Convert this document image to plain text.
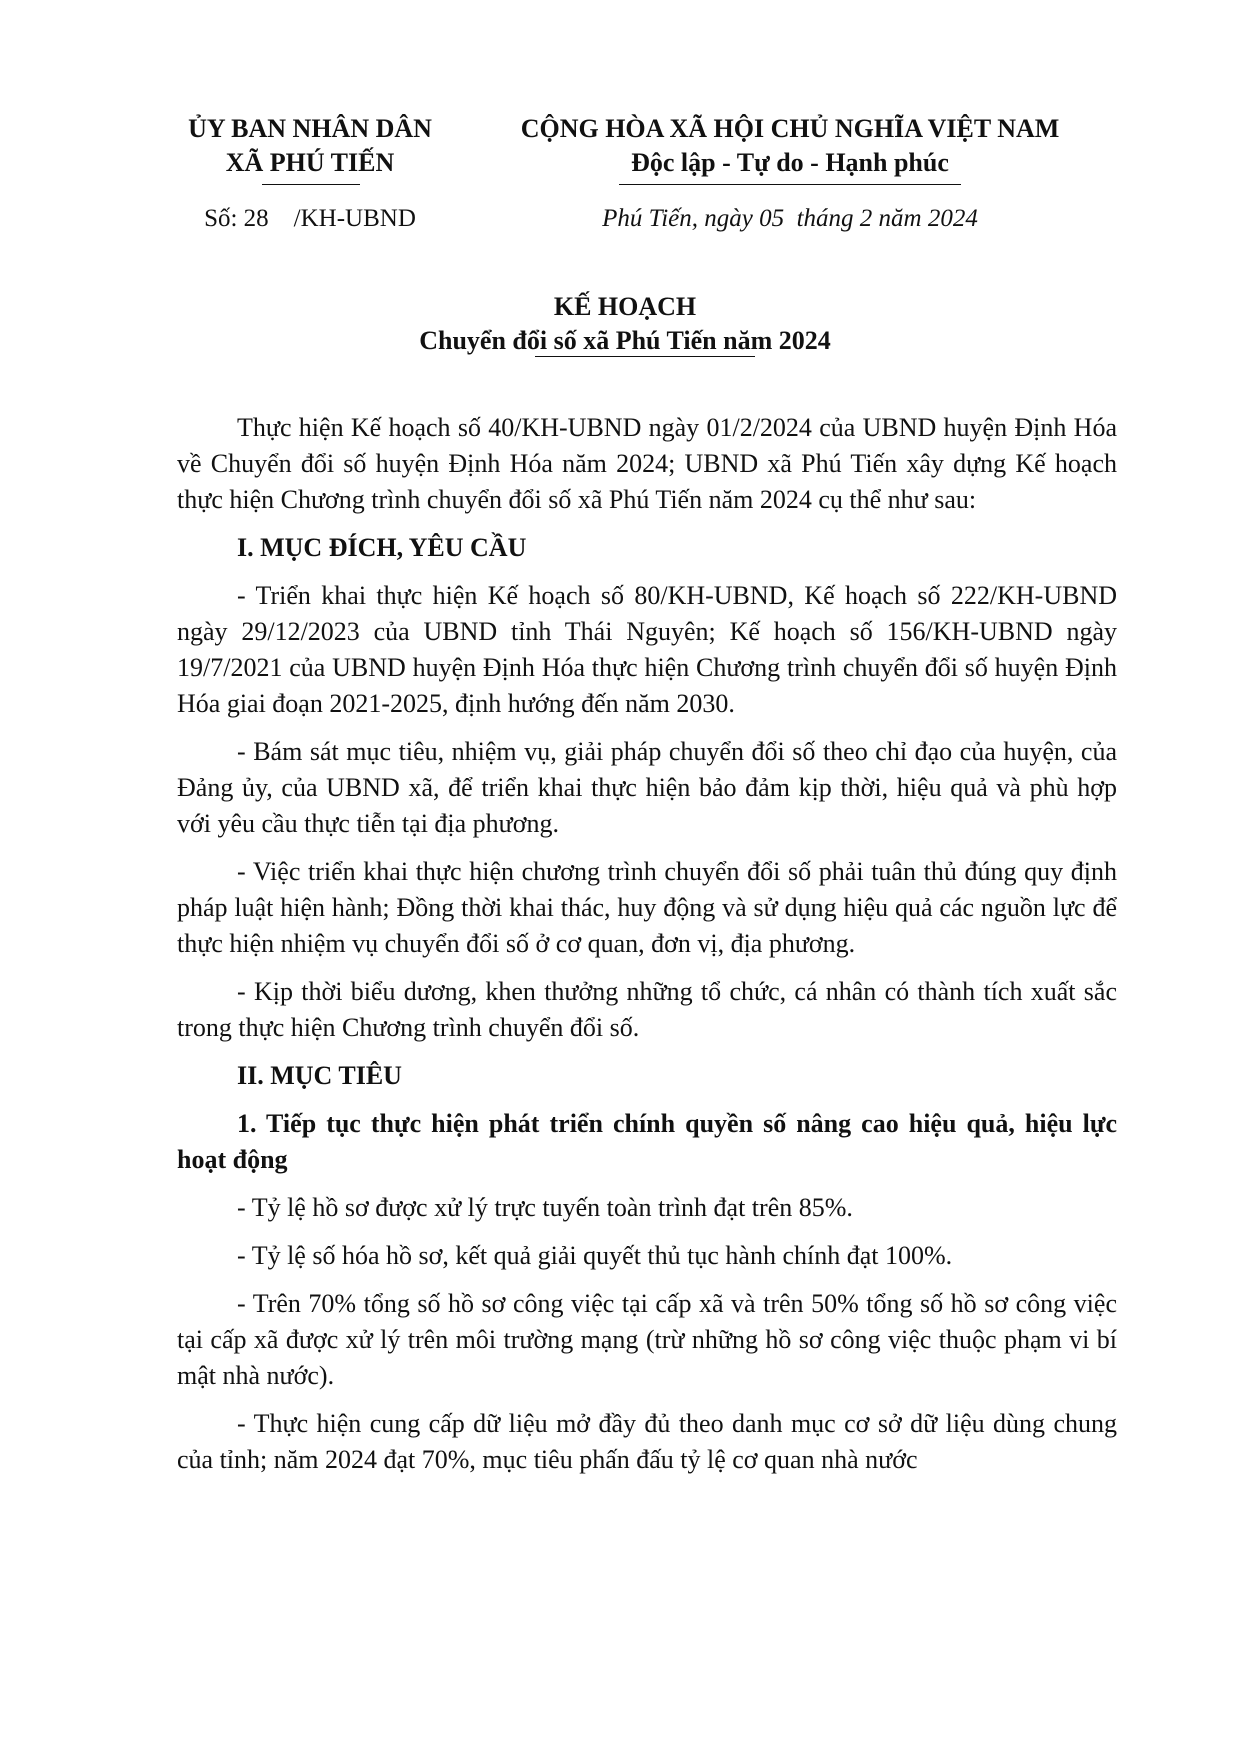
ỦY BAN NHÂN DÂN
XÃ PHÚ TIẾN
CỘNG HÒA XÃ HỘI CHỦ NGHĨA VIỆT NAM
Độc lập - Tự do - Hạnh phúc
Số: 28    /KH-UBND	Phú Tiến, ngày 05  tháng 2 năm 2024
KẾ HOẠCH
Chuyển đổi số xã Phú Tiến năm 2024

Thực hiện Kế hoạch số 40/KH-UBND ngày 01/2/2024 của UBND huyện Định Hóa về Chuyển đổi số huyện Định Hóa năm 2024; UBND xã Phú Tiến xây dựng Kế hoạch thực hiện Chương trình chuyển đổi số xã Phú Tiến năm 2024 cụ thể như sau:

I. MỤC ĐÍCH, YÊU CẦU

- Triển khai thực hiện Kế hoạch số 80/KH-UBND, Kế hoạch số 222/KH-UBND ngày 29/12/2023 của UBND tỉnh Thái Nguyên; Kế hoạch số 156/KH-UBND ngày 19/7/2021 của UBND huyện Định Hóa thực hiện Chương trình chuyển đổi số huyện Định Hóa giai đoạn 2021-2025, định hướng đến năm 2030.

- Bám sát mục tiêu, nhiệm vụ, giải pháp chuyển đổi số theo chỉ đạo của huyện, của Đảng ủy, của UBND xã, để triển khai thực hiện bảo đảm kịp thời, hiệu quả và phù hợp với yêu cầu thực tiễn tại địa phương.

- Việc triển khai thực hiện chương trình chuyển đổi số phải tuân thủ đúng quy định pháp luật hiện hành; Đồng thời khai thác, huy động và sử dụng hiệu quả các nguồn lực để thực hiện nhiệm vụ chuyển đổi số ở cơ quan, đơn vị, địa phương.

- Kịp thời biểu dương, khen thưởng những tổ chức, cá nhân có thành tích xuất sắc trong thực hiện Chương trình chuyển đổi số.

II. MỤC TIÊU

1. Tiếp tục thực hiện phát triển chính quyền số nâng cao hiệu quả, hiệu lực hoạt động

- Tỷ lệ hồ sơ được xử lý trực tuyến toàn trình đạt trên 85%.

- Tỷ lệ số hóa hồ sơ, kết quả giải quyết thủ tục hành chính đạt 100%.

- Trên 70% tổng số hồ sơ công việc tại cấp xã và trên 50% tổng số hồ sơ công việc tại cấp xã được xử lý trên môi trường mạng (trừ những hồ sơ công việc thuộc phạm vi bí mật nhà nước).

- Thực hiện cung cấp dữ liệu mở đầy đủ theo danh mục cơ sở dữ liệu dùng chung của tỉnh; năm 2024 đạt 70%, mục tiêu phấn đấu tỷ lệ cơ quan nhà nước
